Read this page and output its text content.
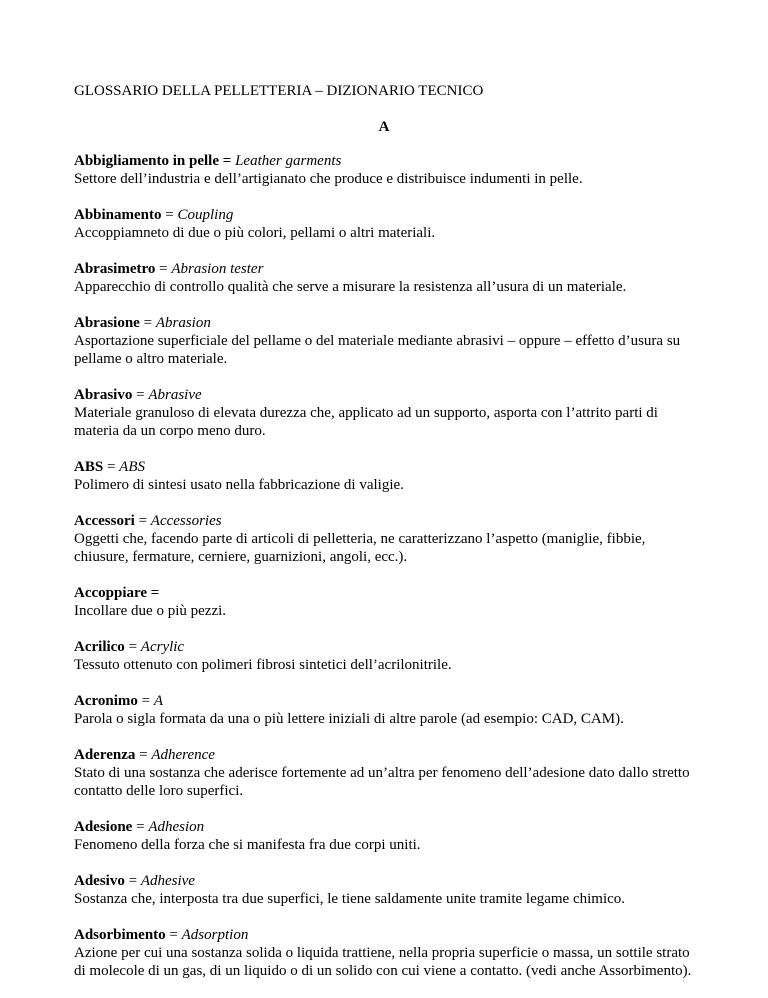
GLOSSARIO DELLA PELLETTERIA – DIZIONARIO TECNICO
A
Abbigliamento in pelle = Leather garments
Settore dell’industria e dell’artigianato che produce e distribuisce indumenti in pelle.
Abbinamento = Coupling
Accoppiamneto di due o più colori, pellami o altri materiali.
Abrasimetro = Abrasion tester
Apparecchio di controllo qualità che serve a misurare la resistenza all’usura di un materiale.
Abrasione = Abrasion
Asportazione superficiale del pellame o del materiale mediante abrasivi – oppure – effetto d’usura su pellame o altro materiale.
Abrasivo = Abrasive
Materiale granuloso di elevata durezza che, applicato ad un supporto, asporta con l’attrito parti di materia da un corpo meno duro.
ABS = ABS
Polimero di sintesi usato nella fabbricazione di valigie.
Accessori = Accessories
Oggetti che, facendo parte di articoli di pelletteria, ne caratterizzano l’aspetto (maniglie, fibbie, chiusure, fermature, cerniere, guarnizioni, angoli, ecc.).
Accoppiare =
Incollare due o più pezzi.
Acrilico = Acrylic
Tessuto ottenuto con polimeri fibrosi sintetici dell’acrilonitrile.
Acronimo = A
Parola o sigla formata da una o più lettere iniziali di altre parole (ad esempio: CAD, CAM).
Aderenza = Adherence
Stato di una sostanza che aderisce fortemente ad un’altra per fenomeno dell’adesione dato dallo stretto contatto delle loro superfici.
Adesione = Adhesion
Fenomeno della forza che si manifesta fra due corpi uniti.
Adesivo = Adhesive
Sostanza che, interposta tra due superfici, le tiene saldamente unite tramite legame chimico.
Adsorbimento = Adsorption
Azione per cui una sostanza solida o liquida trattiene, nella propria superficie o massa, un sottile strato di molecole di un gas, di un liquido o di un solido con cui viene a contatto. (vedi anche Assorbimento).
